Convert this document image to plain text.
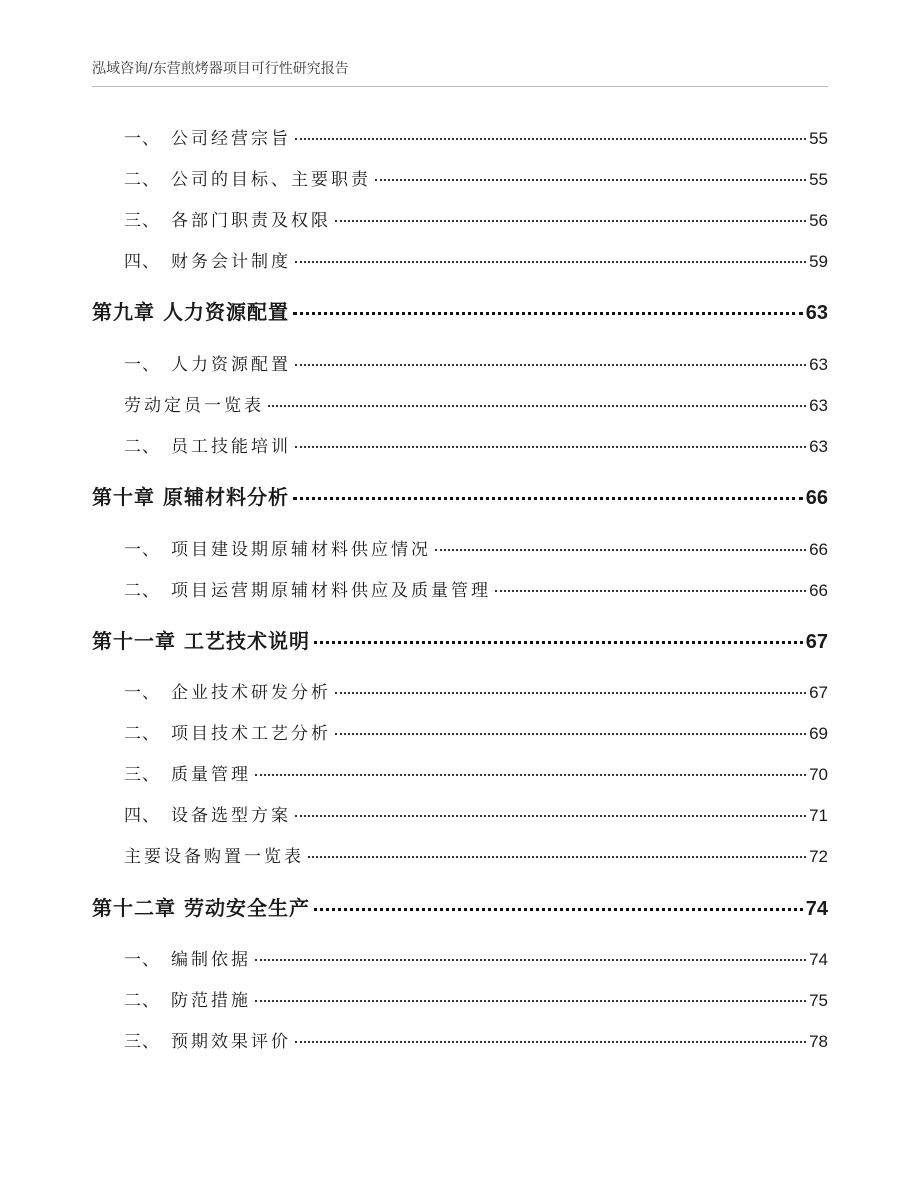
泓域咨询/东营煎烤器项目可行性研究报告
一、 公司经营宗旨	55
二、 公司的目标、主要职责	55
三、 各部门职责及权限	56
四、 财务会计制度	59
第九章 人力资源配置	63
一、 人力资源配置	63
劳动定员一览表	63
二、 员工技能培训	63
第十章 原辅材料分析	66
一、 项目建设期原辅材料供应情况	66
二、 项目运营期原辅材料供应及质量管理	66
第十一章 工艺技术说明	67
一、 企业技术研发分析	67
二、 项目技术工艺分析	69
三、 质量管理	70
四、 设备选型方案	71
主要设备购置一览表	72
第十二章 劳动安全生产	74
一、 编制依据	74
二、 防范措施	75
三、 预期效果评价	78
